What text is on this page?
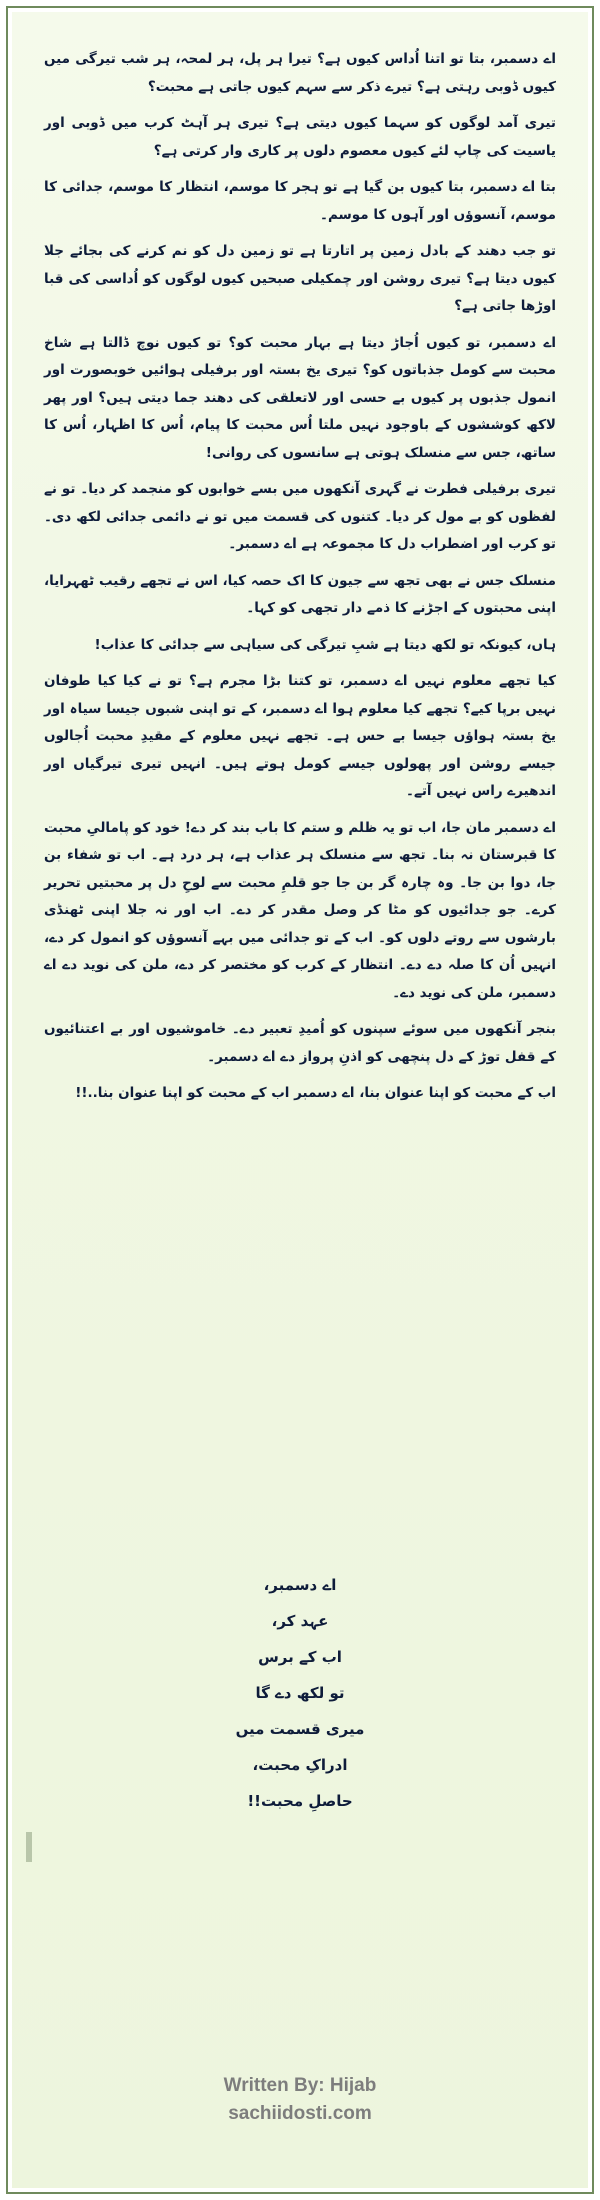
اے دسمبر، بتا تو اتنا اُداس کیوں ہے؟ تیرا ہر پل، ہر لمحہ، ہر شب تیرگی میں کیوں ڈوبی رہتی ہے؟ تیرے ذکر سے سہم کیوں جاتی ہے محبت؟

تیری آمد لوگوں کو سہما کیوں دیتی ہے؟ تیری ہر آہٹ کرب میں ڈوبی اور یاسیت کی چاپ لئے کیوں معصوم دلوں پر کاری وار کرتی ہے؟

بتا اے دسمبر، بتا کیوں بن گیا ہے تو ہجر کا موسم، انتظار کا موسم، جدائی کا موسم، آنسوؤں اور آہوں کا موسم۔

تو جب دھند کے بادل زمین پر اتارتا ہے تو زمین دل کو نم کرنے کی بجائے جلا کیوں دیتا ہے؟ تیری روشن اور چمکیلی صبحیں کیوں لوگوں کو اُداسی کی قبا اوڑھا جاتی ہے؟

اے دسمبر، تو کیوں اُجاڑ دیتا ہے بہار محبت کو؟ تو کیوں نوچ ڈالتا ہے شاخ محبت سے کومل جذباتوں کو؟ تیری یخ بستہ اور برفیلی ہوائیں خوبصورت اور انمول جذبوں پر کیوں بے حسی اور لاتعلقی کی دھند جما دیتی ہیں؟ اور پھر لاکھ کوششوں کے باوجود نہیں ملتا اُس محبت کا پیام، اُس کا اظہار، اُس کا ساتھ، جس سے منسلک ہوتی ہے سانسوں کی روانی!

تیری برفیلی فطرت نے گہری آنکھوں میں بسے خوابوں کو منجمد کر دیا۔ تو نے لفظوں کو بے مول کر دیا۔ کتنوں کی قسمت میں تو نے دائمی جدائی لکھ دی۔ تو کرب اور اضطراب دل کا مجموعہ ہے اے دسمبر۔

منسلک جس نے بھی تجھ سے جیون کا اک حصہ کیا، اس نے تجھے رقیب ٹھہرایا، اپنی محبتوں کے اجڑنے کا ذمے دار تجھی کو کہا۔

ہاں، کیونکہ تو لکھ دیتا ہے شبِ تیرگی کی سیاہی سے جدائی کا عذاب!

کیا تجھے معلوم نہیں اے دسمبر، تو کتنا بڑا مجرم ہے؟ تو نے کیا کیا طوفان نہیں برپا کیے؟ تجھے کیا معلوم ہوا اے دسمبر، کے تو اپنی شبوں جیسا سیاہ اور یخ بستہ ہواؤں جیسا بے حس ہے۔ تجھے نہیں معلوم کے مقیدِ محبت اُجالوں جیسے روشن اور پھولوں جیسے کومل ہوتے ہیں۔ انہیں تیری تیرگیاں اور اندھیرے راس نہیں آتے۔

اے دسمبر مان جا، اب تو یہ ظلم و ستم کا باب بند کر دے! خود کو پامالیِ محبت کا قبرستان نہ بنا۔ تجھ سے منسلک ہر عذاب ہے، ہر درد ہے۔ اب تو شفاء بن جا، دوا بن جا۔ وہ چارہ گر بن جا جو قلمِ محبت سے لوحِ دل پر محبتیں تحریر کرے۔ جو جدائیوں کو مٹا کر وصل مقدر کر دے۔ اب اور نہ جلا اپنی ٹھنڈی بارشوں سے روتے دلوں کو۔ اب کے تو جدائی میں بہے آنسوؤں کو انمول کر دے، انہیں اُن کا صلہ دے دے۔ انتظار کے کرب کو مختصر کر دے، ملن کی نوید دے اے دسمبر، ملن کی نوید دے۔

بنجر آنکھوں میں سوئے سپنوں کو اُمیدِ تعبیر دے۔ خاموشیوں اور بے اعتنائیوں کے قفل توڑ کے دل پنچھی کو اذنِ پرواز دے اے دسمبر۔

اب کے محبت کو اپنا عنوان بنا، اے دسمبر اب کے محبت کو اپنا عنوان بنا..!!

اے دسمبر،
عہد کر،
اب کے برس
تو لکھ دے گا
میری قسمت میں
ادراکِ محبت،
حاصلِ محبت!!
Written By: Hijab
sachiidosti.com
